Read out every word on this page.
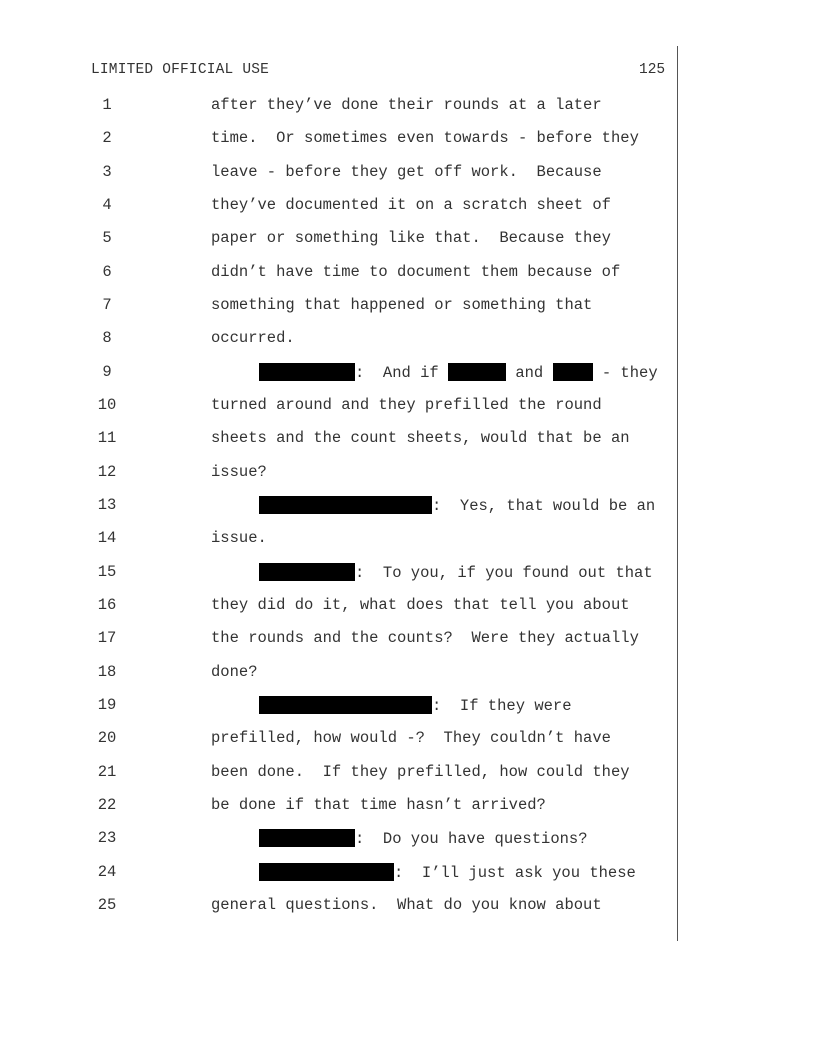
LIMITED OFFICIAL USE	125
1	after they’ve done their rounds at a later
2	time.  Or sometimes even towards - before they
3	leave - before they get off work.  Because
4	they’ve documented it on a scratch sheet of
5	paper or something like that.  Because they
6	didn’t have time to document them because of
7	something that happened or something that
8	occurred.
9	:  And if	and	- they
10	turned around and they prefilled the round
11	sheets and the count sheets, would that be an
12	issue?
13	:  Yes, that would be an
14	issue.
15	:  To you, if you found out that
16	they did do it, what does that tell you about
17	the rounds and the counts?  Were they actually
18	done?
19	:  If they were
20	prefilled, how would -?  They couldn’t have
21	been done.  If they prefilled, how could they
22	be done if that time hasn’t arrived?
23	:  Do you have questions?
24	:  I’ll just ask you these
25	general questions.  What do you know about
